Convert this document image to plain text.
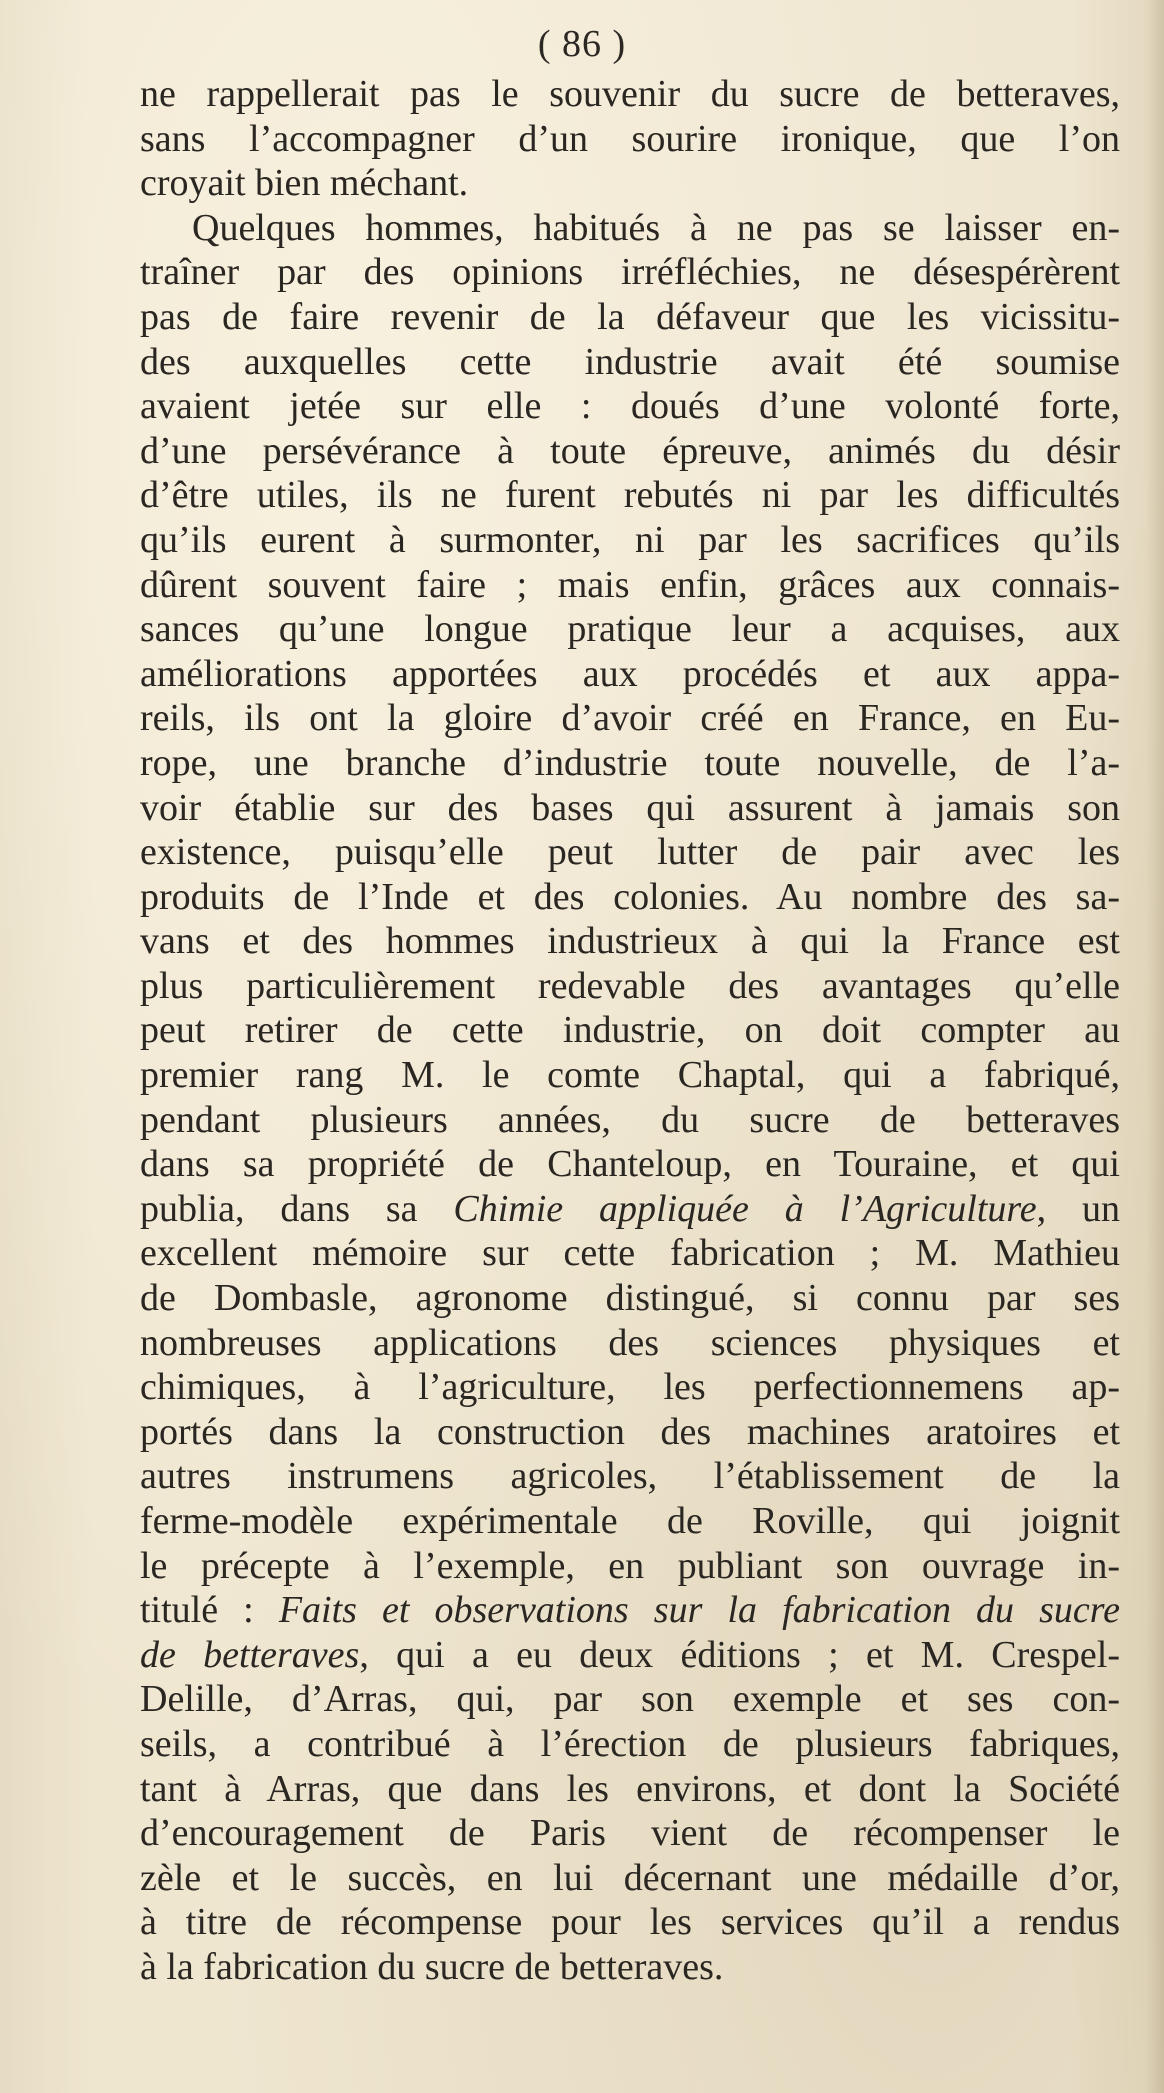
( 86 )
ne rappellerait pas le souvenir du sucre de betteraves,
sans l’accompagner d’un sourire ironique, que l’on
croyait bien méchant.
Quelques hommes, habitués à ne pas se laisser en-
traîner par des opinions irréfléchies, ne désespérèrent
pas de faire revenir de la défaveur que les vicissitu-
des auxquelles cette industrie avait été soumise
avaient jetée sur elle : doués d’une volonté forte,
d’une persévérance à toute épreuve, animés du désir
d’être utiles, ils ne furent rebutés ni par les difficultés
qu’ils eurent à surmonter, ni par les sacrifices qu’ils
dûrent souvent faire ; mais enfin, grâces aux connais-
sances qu’une longue pratique leur a acquises, aux
améliorations apportées aux procédés et aux appa-
reils, ils ont la gloire d’avoir créé en France, en Eu-
rope, une branche d’industrie toute nouvelle, de l’a-
voir établie sur des bases qui assurent à jamais son
existence, puisqu’elle peut lutter de pair avec les
produits de l’Inde et des colonies. Au nombre des sa-
vans et des hommes industrieux à qui la France est
plus particulièrement redevable des avantages qu’elle
peut retirer de cette industrie, on doit compter au
premier rang M. le comte Chaptal, qui a fabriqué,
pendant plusieurs années, du sucre de betteraves
dans sa propriété de Chanteloup, en Touraine, et qui
publia, dans sa Chimie appliquée à l’Agriculture, un
excellent mémoire sur cette fabrication ; M. Mathieu
de Dombasle, agronome distingué, si connu par ses
nombreuses applications des sciences physiques et
chimiques, à l’agriculture, les perfectionnemens ap-
portés dans la construction des machines aratoires et
autres instrumens agricoles, l’établissement de la
ferme-modèle expérimentale de Roville, qui joignit
le précepte à l’exemple, en publiant son ouvrage in-
titulé : Faits et observations sur la fabrication du sucre
de betteraves, qui a eu deux éditions ; et M. Crespel-
Delille, d’Arras, qui, par son exemple et ses con-
seils, a contribué à l’érection de plusieurs fabriques,
tant à Arras, que dans les environs, et dont la Société
d’encouragement de Paris vient de récompenser le
zèle et le succès, en lui décernant une médaille d’or,
à titre de récompense pour les services qu’il a rendus
à la fabrication du sucre de betteraves.
